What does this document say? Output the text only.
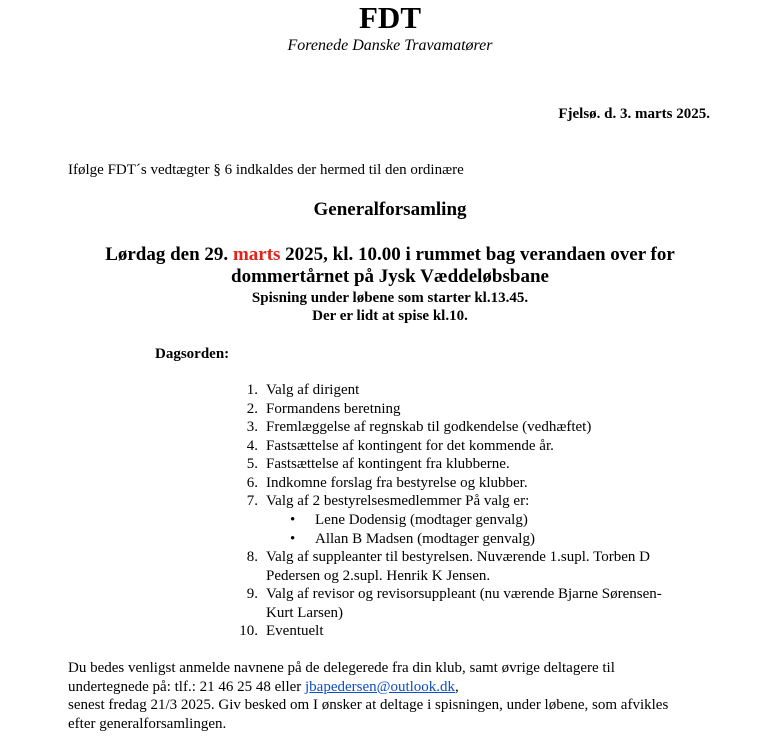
FDT
Forenede Danske Travamatører
Fjelsø. d. 3. marts 2025.
Ifølge FDT´s vedtægter § 6 indkaldes der hermed til den ordinære
Generalforsamling
Lørdag den 29. marts 2025, kl. 10.00 i rummet bag verandaen over for
dommertårnet på Jysk Væddeløbsbane
Spisning under løbene som starter kl.13.45.
Der er lidt at spise kl.10.
Dagsorden:
1. Valg af dirigent
2. Formandens beretning
3. Fremlæggelse af regnskab til godkendelse (vedhæftet)
4. Fastsættelse af kontingent for det kommende år.
5. Fastsættelse af kontingent fra klubberne.
6. Indkomne forslag fra bestyrelse og klubber.
7. Valg af 2 bestyrelsesmedlemmer På valg er:
• Lene Dodensig (modtager genvalg)
• Allan B Madsen (modtager genvalg)
8. Valg af suppleanter til bestyrelsen. Nuværende 1.supl. Torben D
Pedersen og 2.supl. Henrik K Jensen.
9. Valg af revisor og revisorsuppleant (nu værende Bjarne Sørensen-
Kurt Larsen)
10. Eventuelt
Du bedes venligst anmelde navnene på de delegerede fra din klub, samt øvrige deltagere til
undertegnede på: tlf.: 21 46 25 48 eller jbapedersen@outlook.dk,
senest fredag 21/3 2025. Giv besked om I ønsker at deltage i spisningen, under løbene, som afvikles
efter generalforsamlingen.
